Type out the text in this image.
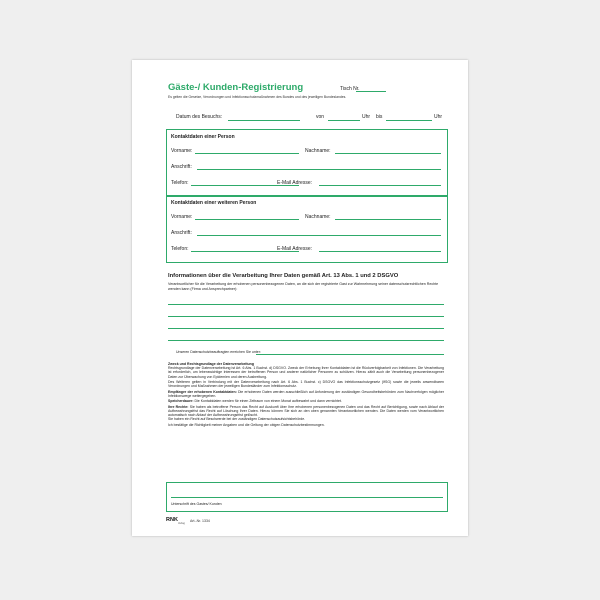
Gäste-/ Kunden-Registrierung	Tisch Nr.
Es gelten die Gesetze, Verordnungen und Infektionsschutzmaßnahmen des Bundes und des jeweiligen Bundeslandes.
Datum des Besuchs:	von	Uhr bis	Uhr
Kontaktdaten einer Person
Vorname:	Nachname:
Anschrift:
Telefon:	E-Mail Adresse:
Kontaktdaten einer weiteren Person
Vorname:	Nachname:
Anschrift:
Telefon:	E-Mail Adresse:
Informationen über die Verarbeitung Ihrer Daten gemäß Art. 13 Abs. 1 und 2 DSGVO
Verantwortlicher für die Verarbeitung der erhobenen personenbezogenen Daten, an die sich der registrierte Gast zur Wahrnehmung seiner datenschutzrechtlichen Rechte wenden kann (Firma und Ansprechpartner):
Unseren Datenschutzbeauftragten erreichen Sie unter:

Zweck und Rechtsgrundlage der Datenverarbeitung
Rechtsgrundlage der Datenverarbeitung ist Art. 6 Abs. 1 Buchst. d) DSGVO. Zweck der Erhebung Ihrer Kontaktdaten ist die Rückverfolgbarkeit von Infektionen. Die Verarbeitung ist erforderlich, um lebenswichtige Interessen der betroffenen Person und anderer natürlicher Personen zu schützen. Hierzu zählt auch die Verarbeitung personenbezogener Daten zur Überwachung von Epidemien und deren Ausbreitung.

Des Weiteren gelten in Verbindung mit der Datenverarbeitung nach Art. 6 Abs. 1 Buchst. c) DSGVO das Infektionsschutzgesetz (IfSG) sowie die jeweils anwendbaren Verordnungen und Maßnahmen der jeweiligen Bundesländer zum Infektionsschutz.

Empfänger der erhobenen Kontaktdaten: Die erhobenen Daten werden ausschließlich auf Anforderung der zuständigen Gesundheitsbehörden zum Nachverfolgen möglicher Infektionswege weitergegeben.

Speicherdauer: Die Kontaktdaten werden für einen Zeitraum von einem Monat aufbewahrt und dann vernichtet.

Ihre Rechte: Sie haben als betroffene Person das Recht auf Auskunft über Ihre erhobenen personenbezogenen Daten und das Recht auf Berichtigung, sowie nach Ablauf der Aufbewahrungsfrist das Recht auf Löschung Ihrer Daten. Hierzu können Sie sich an den oben genannten Verantwortlichen wenden. Die Daten werden vom Verantwortlichen automatisch nach Ablauf der Aufbewahrungsfrist gelöscht.
Sie haben ein Recht auf Beschwerde bei der zuständigen Datenschutzaufsichtsbehörde.

Ich bestätige die Richtigkeit meiner Angaben und die Geltung der obigen Datenschutzbestimmungen.

Unterschrift des Gastes/ Kunden
RNK
Verlag
Art.-Nr. 1334
